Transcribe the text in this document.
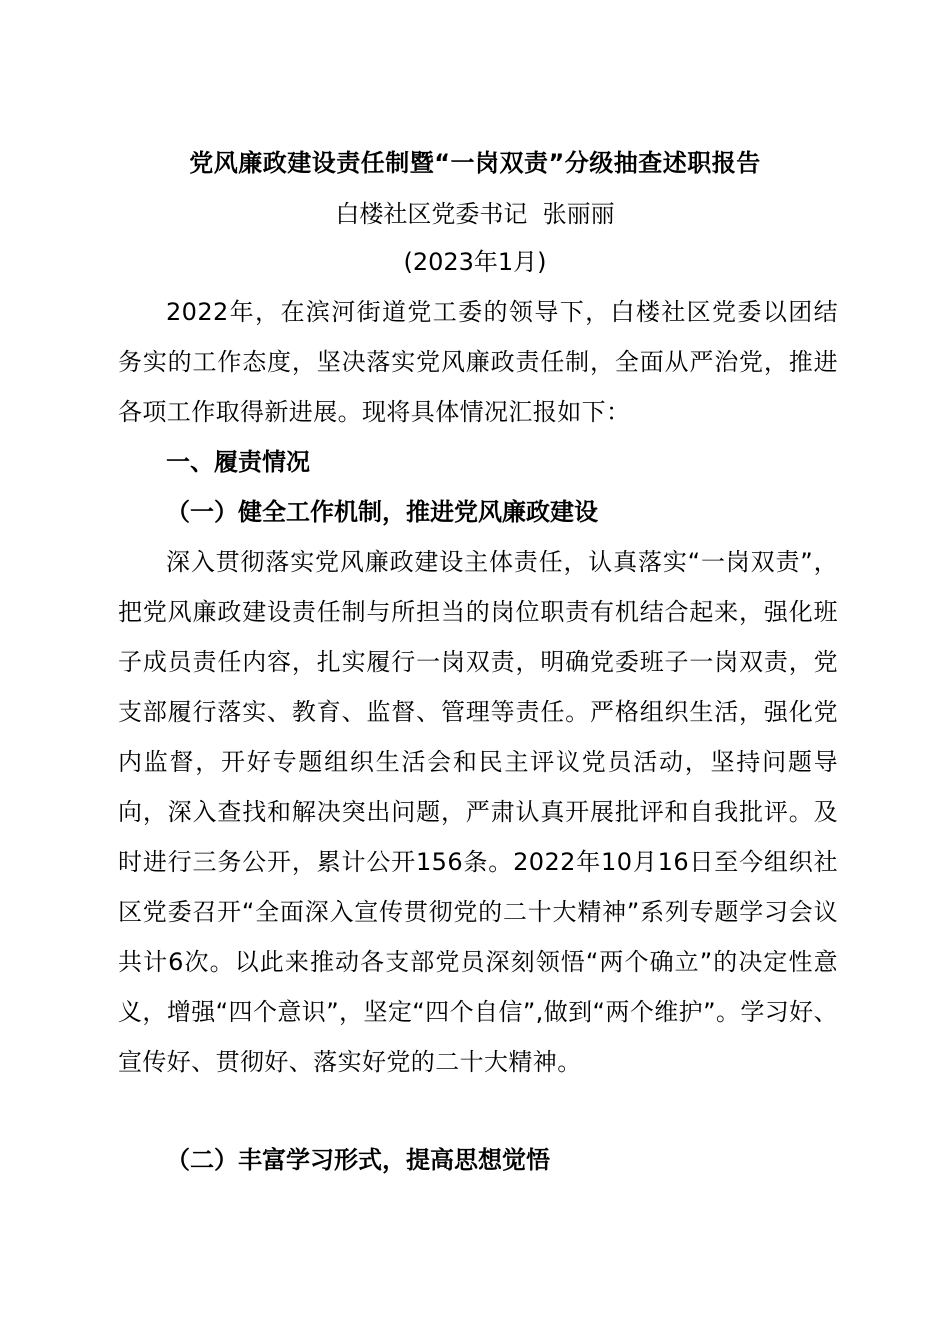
党风廉政建设责任制暨“一岗双责”分级抽查述职报告
白楼社区党委书记  张丽丽
(2023年1月)

2022年，在滨河街道党工委的领导下，白楼社区党委以团结务实的工作态度，坚决落实党风廉政责任制，全面从严治党，推进各项工作取得新进展。现将具体情况汇报如下：

一、履责情况
（一）健全工作机制，推进党风廉政建设

深入贯彻落实党风廉政建设主体责任，认真落实“一岗双责”，把党风廉政建设责任制与所担当的岗位职责有机结合起来，强化班子成员责任内容，扎实履行一岗双责，明确党委班子一岗双责，党支部履行落实、教育、监督、管理等责任。严格组织生活，强化党内监督，开好专题组织生活会和民主评议党员活动，坚持问题导向，深入查找和解决突出问题，严肃认真开展批评和自我批评。及时进行三务公开，累计公开156条。2022年10月16日至今组织社区党委召开“全面深入宣传贯彻党的二十大精神”系列专题学习会议共计6次。以此来推动各支部党员深刻领悟“两个确立”的决定性意义，增强“四个意识”，坚定“四个自信”,做到“两个维护”。学习好、宣传好、贯彻好、落实好党的二十大精神。

（二）丰富学习形式，提高思想觉悟
